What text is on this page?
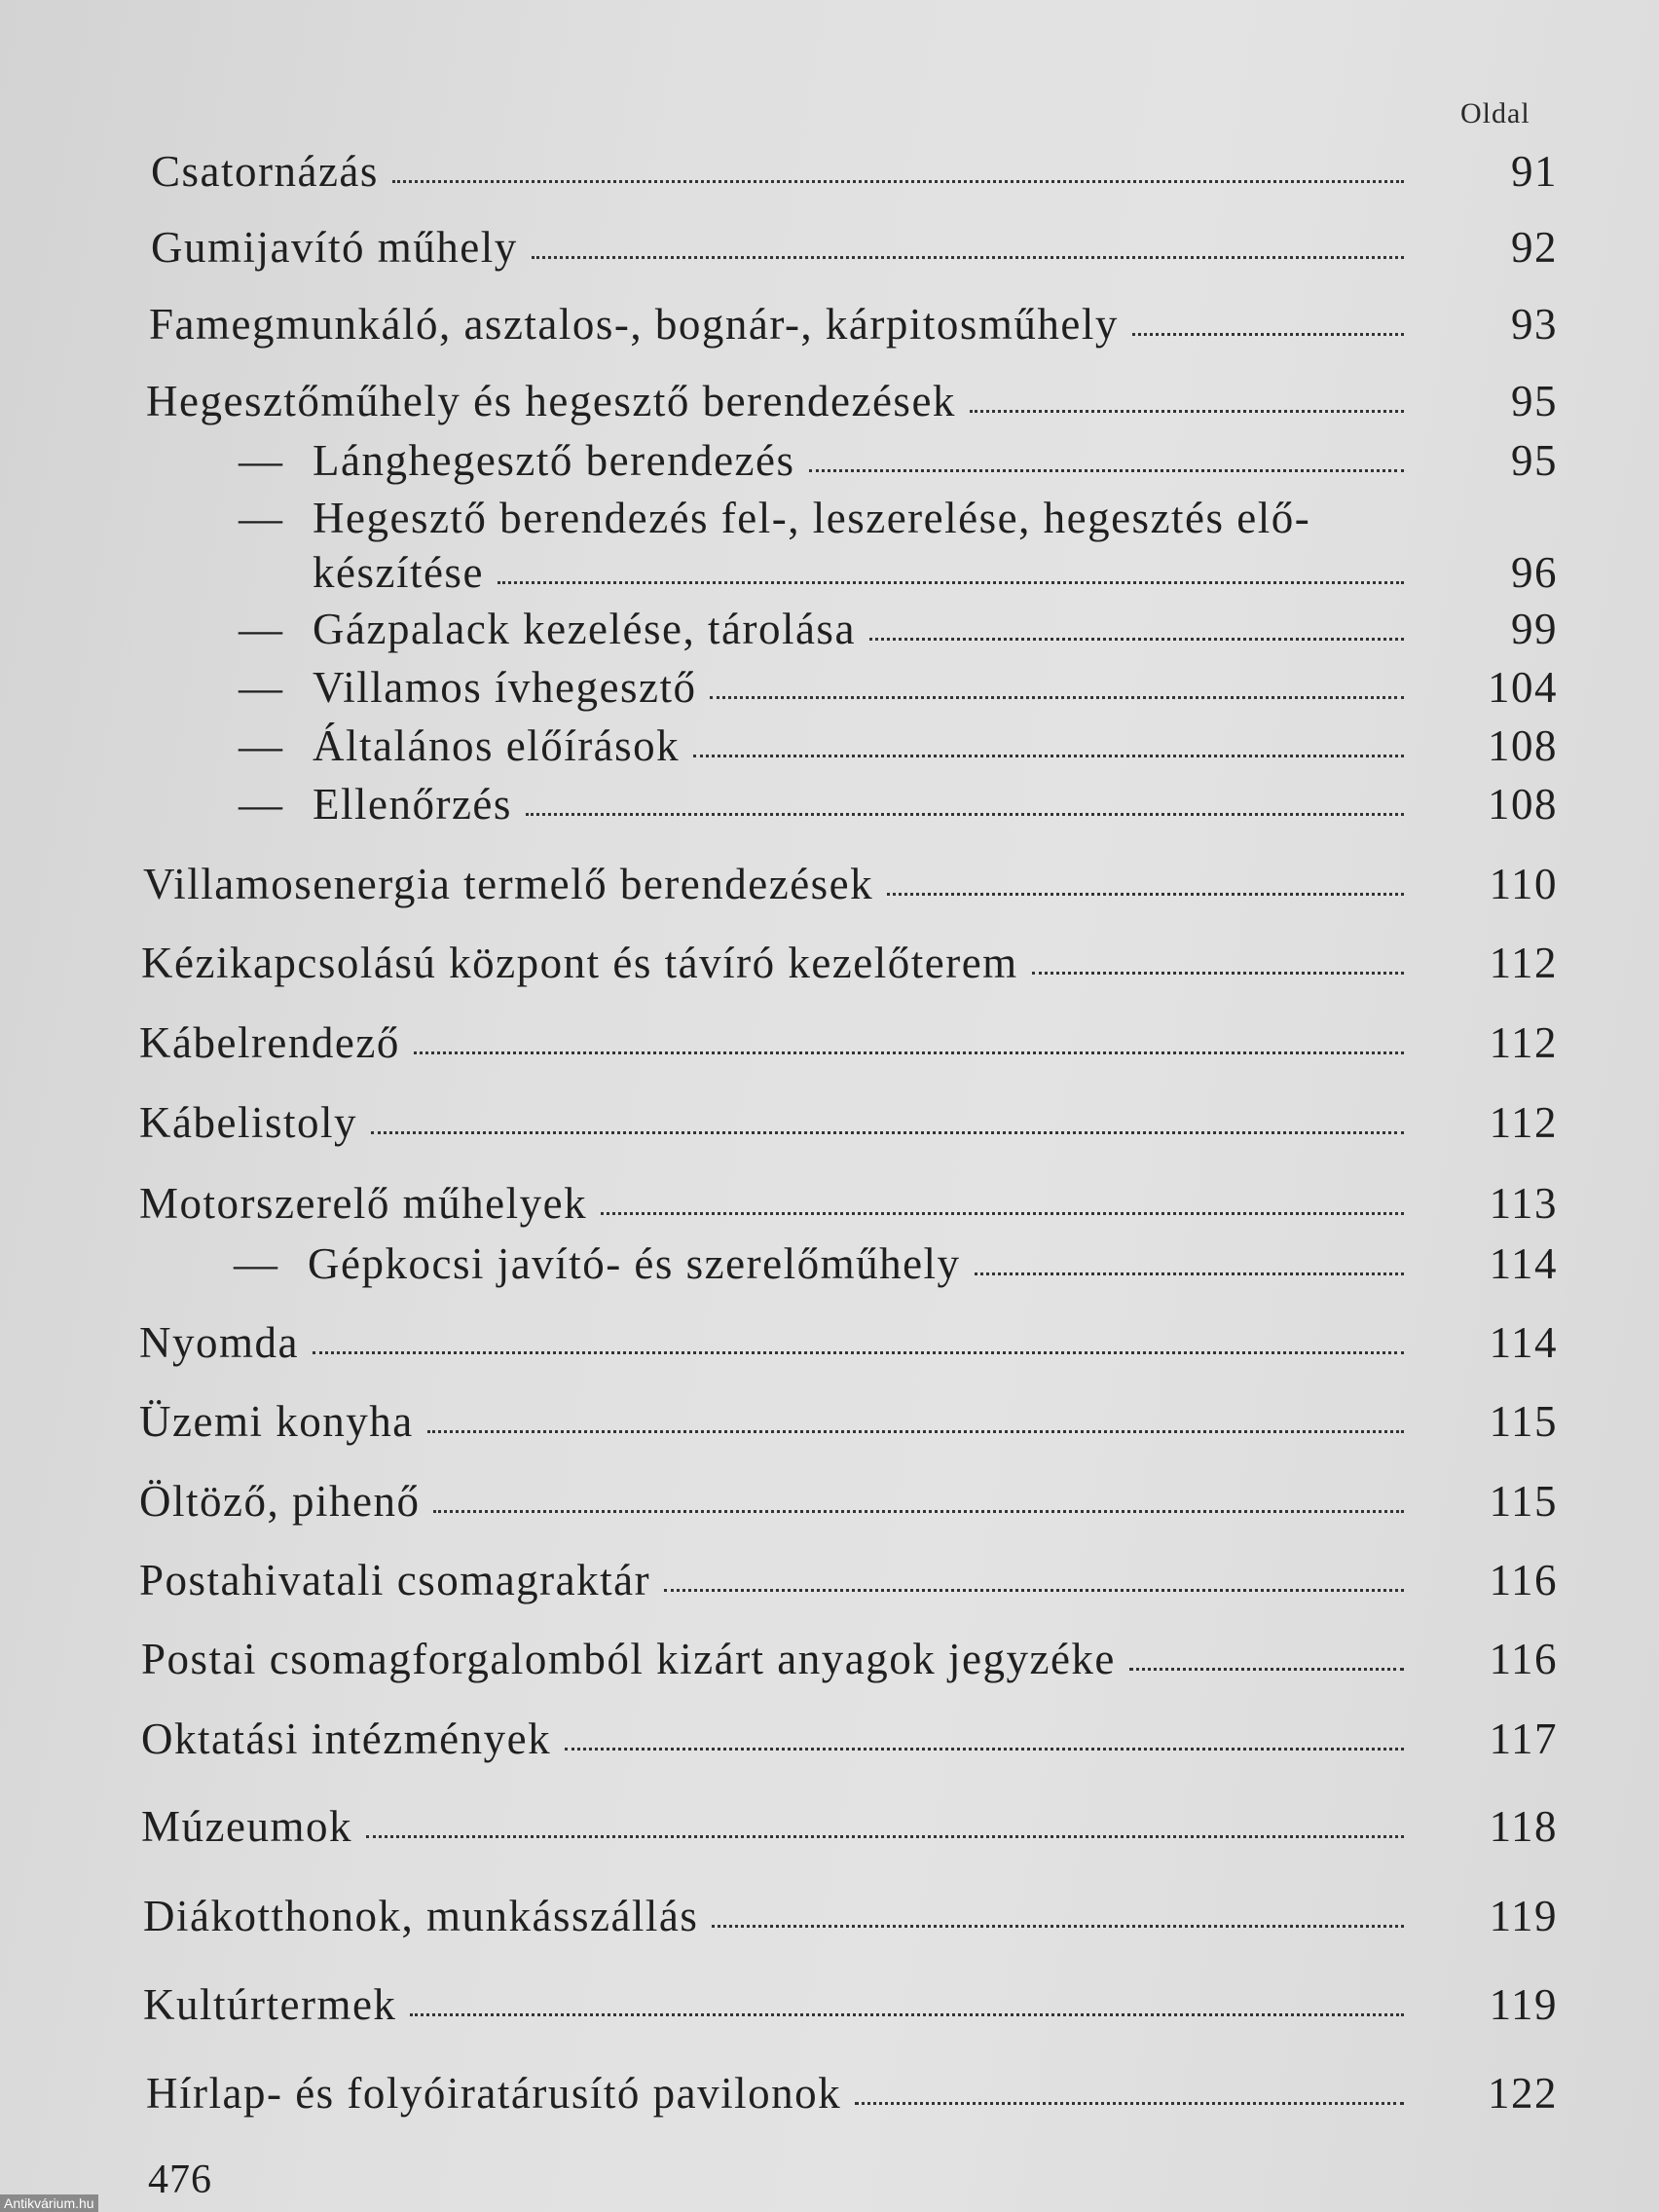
Oldal
Csatornázás	91
Gumijavító műhely	92
Famegmunkáló, asztalos-, bognár-, kárpitosműhely	93
Hegesztőműhely és hegesztő berendezések	95
— Lánghegesztő berendezés	95
— Hegesztő berendezés fel-, leszerelése, hegesztés elő-
készítése	96
— Gázpalack kezelése, tárolása	99
— Villamos ívhegesztő	104
— Általános előírások	108
— Ellenőrzés	108
Villamosenergia termelő berendezések	110
Kézikapcsolású központ és távíró kezelőterem	112
Kábelrendező	112
Kábelistoly	112
Motorszerelő műhelyek	113
— Gépkocsi javító- és szerelőműhely	114
Nyomda	114
Üzemi konyha	115
Öltöző, pihenő	115
Postahivatali csomagraktár	116
Postai csomagforgalomból kizárt anyagok jegyzéke	116
Oktatási intézmények	117
Múzeumok	118
Diákotthonok, munkásszállás	119
Kultúrtermek	119
Hírlap- és folyóiratárusító pavilonok	122
476
Antikvárium.hu
